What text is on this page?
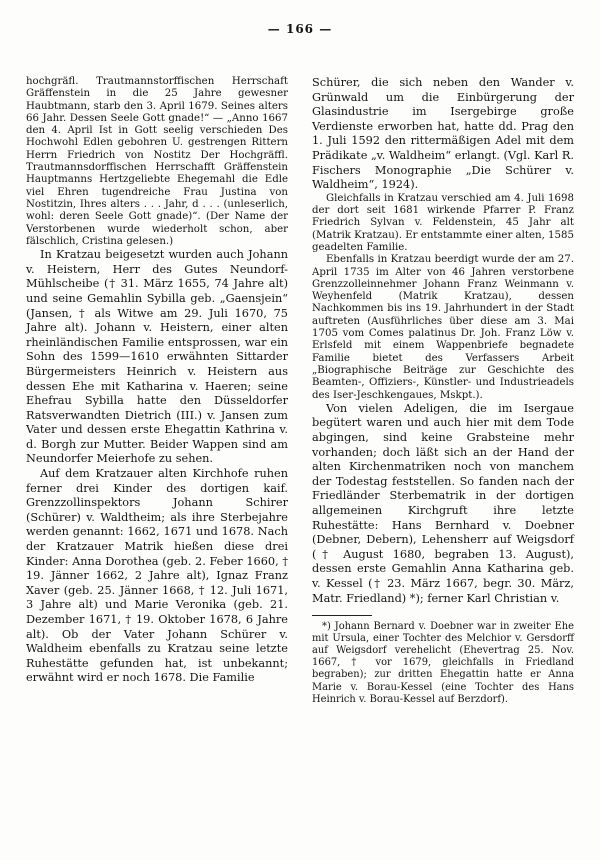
— 166 —

hochgräfl. Trautmannstorffischen Herrschaft Gräffenstein in die 25 Jahre gewesner Haubtmann, starb den 3. April 1679. Seines alters 66 Jahr. Dessen Seele Gott gnade!“ — „Anno 1667 den 4. April Ist in Gott seelig verschieden Des Hochwohl Edlen gebohren U. gestrengen Rittern Herrn Friedrich von Nostitz Der Hochgräffl. Trautmannsdorffischen Herrschafft Gräffenstein Hauptmanns Hertzgeliebte Ehegemahl die Edle viel Ehren tugendreiche Frau Justina von Nostitzin, Ihres alters . . . Jahr, d . . . (unleserlich, wohl: deren Seele Gott gnade)“. (Der Name der Verstorbenen wurde wiederholt schon, aber fälschlich, Cristina gelesen.)

In Kratzau beigesetzt wurden auch Johann v. Heistern, Herr des Gutes Neundorf-Mühlscheibe († 31. März 1655, 74 Jahre alt) und seine Gemahlin Sybilla geb. „Gaensjein“ (Jansen, † als Witwe am 29. Juli 1670, 75 Jahre alt). Johann v. Heistern, einer alten rheinländischen Familie entsprossen, war ein Sohn des 1599—1610 erwähnten Sittarder Bürgermeisters Heinrich v. Heistern aus dessen Ehe mit Katharina v. Haeren; seine Ehefrau Sybilla hatte den Düsseldorfer Ratsverwandten Dietrich (III.) v. Jansen zum Vater und dessen erste Ehegattin Kathrina v. d. Borgh zur Mutter. Beider Wappen sind am Neundorfer Meierhofe zu sehen.

Auf dem Kratzauer alten Kirchhofe ruhen ferner drei Kinder des dortigen kaif. Grenzzollinspektors Johann Schirer (Schürer) v. Waldtheim; als ihre Sterbejahre werden genannt: 1662, 1671 und 1678. Nach der Kratzauer Matrik hießen diese drei Kinder: Anna Dorothea (geb. 2. Feber 1660, † 19. Jänner 1662, 2 Jahre alt), Ignaz Franz Xaver (geb. 25. Jänner 1668, † 12. Juli 1671, 3 Jahre alt) und Marie Veronika (geb. 21. Dezember 1671, † 19. Oktober 1678, 6 Jahre alt). Ob der Vater Johann Schürer v. Waldheim ebenfalls zu Kratzau seine letzte Ruhestätte gefunden hat, ist unbekannt; erwähnt wird er noch 1678. Die Familie

Schürer, die sich neben den Wander v. Grünwald um die Einbürgerung der Glasindustrie im Isergebirge große Verdienste erworben hat, hatte dd. Prag den 1. Juli 1592 den rittermäßigen Adel mit dem Prädikate „v. Waldheim“ erlangt. (Vgl. Karl R. Fischers Monographie „Die Schürer v. Waldheim“, 1924).

Gleichfalls in Kratzau verschied am 4. Juli 1698 der dort seit 1681 wirkende Pfarrer P. Franz Friedrich Sylvan v. Feldenstein, 45 Jahr alt (Matrik Kratzau). Er entstammte einer alten, 1585 geadelten Familie.

Ebenfalls in Kratzau beerdigt wurde der am 27. April 1735 im Alter von 46 Jahren verstorbene Grenzzolleinnehmer Johann Franz Weinmann v. Weyhenfeld (Matrik Kratzau), dessen Nachkommen bis ins 19. Jahrhundert in der Stadt auftreten (Ausführliches über diese am 3. Mai 1705 vom Comes palatinus Dr. Joh. Franz Löw v. Erlsfeld mit einem Wappenbriefe begnadete Familie bietet des Verfassers Arbeit „Biographische Beiträge zur Geschichte des Beamten-, Offiziers-, Künstler- und Industrieadels des Iser-Jeschkengaues, Mskpt.).

Von vielen Adeligen, die im Isergaue begütert waren und auch hier mit dem Tode abgingen, sind keine Grabsteine mehr vorhanden; doch läßt sich an der Hand der alten Kirchenmatriken noch von manchem der Todestag feststellen. So fanden nach der Friedländer Sterbematrik in der dortigen allgemeinen Kirchgruft ihre letzte Ruhestätte: Hans Bernhard v. Doebner (Debner, Debern), Lehensherr auf Weigsdorf († August 1680, begraben 13. August), dessen erste Gemahlin Anna Katharina geb. v. Kessel († 23. März 1667, begr. 30. März, Matr. Friedland) *); ferner Karl Christian v.

*) Johann Bernard v. Doebner war in zweiter Ehe mit Ursula, einer Tochter des Melchior v. Gersdorff auf Weigsdorf verehelicht (Ehevertrag 25. Nov. 1667, † vor 1679, gleichfalls in Friedland begraben); zur dritten Ehegattin hatte er Anna Marie v. Borau-Kessel (eine Tochter des Hans Heinrich v. Borau-Kessel auf Berzdorf).
